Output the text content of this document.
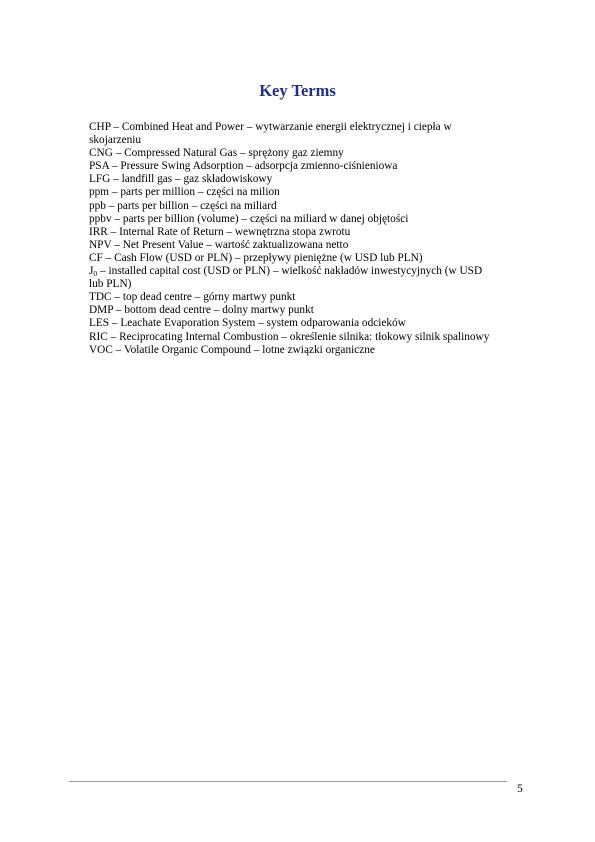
Key Terms
CHP – Combined Heat and Power – wytwarzanie energii elektrycznej i ciepła w
skojarzeniu
CNG – Compressed Natural Gas – sprężony gaz ziemny
PSA – Pressure Swing Adsorption – adsorpcja zmienno-ciśnieniowa
LFG – landfill gas – gaz składowiskowy
ppm – parts per million – części na milion
ppb – parts per billion – części na miliard
ppbv – parts per billion (volume) – części na miliard w danej objętości
IRR – Internal Rate of Return – wewnętrzna stopa zwrotu
NPV – Net Present Value – wartość zaktualizowana netto
CF – Cash Flow (USD or PLN) – przepływy pieniężne (w USD lub PLN)
$J_0$ – installed capital cost (USD or PLN) – wielkość nakładów inwestycyjnych (w USD
lub PLN)
TDC – top dead centre – górny martwy punkt
DMP – bottom dead centre – dolny martwy punkt
LES – Leachate Evaporation System – system odparowania odcieków
RIC – Reciprocating Internal Combustion – określenie silnika: tłokowy silnik spalinowy
VOC – Volatile Organic Compound – lotne związki organiczne
5
